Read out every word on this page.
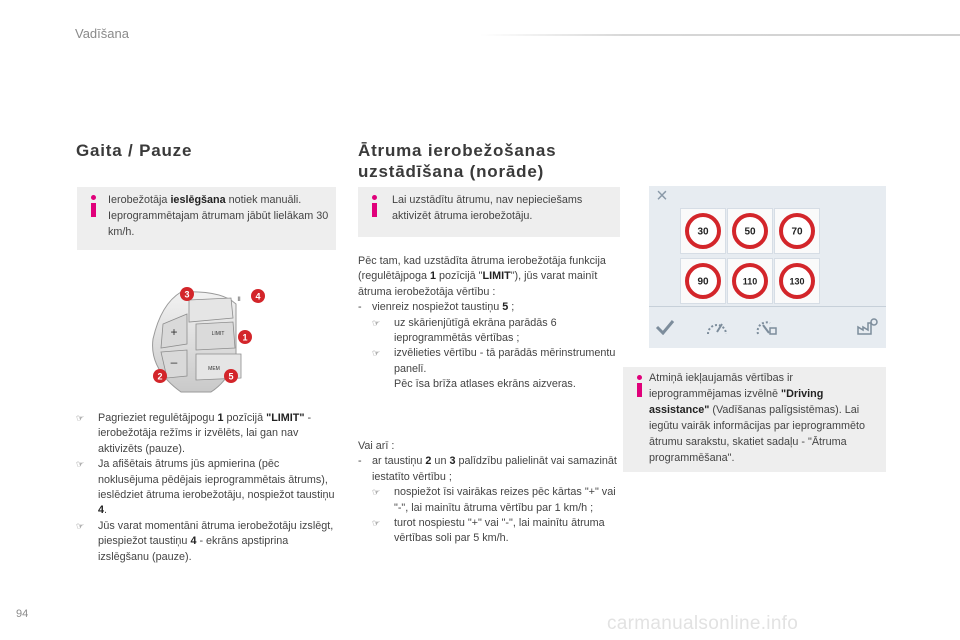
Vadīšana
Gaita / Pauze
Ierobežotāja ieslēgšana notiek manuāli. Ieprogrammētajam ātrumam jābūt lielākam 30 km/h.
+
–
II
LIMIT
MEM
3	4
1
2	5
☞	Pagrieziet regulētājpogu 1 pozīcijā "LIMIT" - ierobežotāja režīms ir izvēlēts, lai gan nav aktivizēts (pauze).
☞	Ja afišētais ātrums jūs apmierina (pēc noklusējuma pēdējais ieprogrammētais ātrums), ieslēdziet ātruma ierobežotāju, nospiežot taustiņu 4.
☞	Jūs varat momentāni ātruma ierobežotāju izslēgt, piespiežot taustiņu 4 - ekrāns apstiprina izslēgšanu (pauze).
Ātruma ierobežošanas
uzstādīšana (norāde)
Lai uzstādītu ātrumu, nav nepieciešams aktivizēt ātruma ierobežotāju.
Pēc tam, kad uzstādīta ātruma ierobežotāja funkcija (regulētājpoga 1 pozīcijā "LIMIT"), jūs varat mainīt ātruma ierobežotāja vērtību :
- vienreiz nospiežot taustiņu 5 ;
☞	uz skārienjūtīgā ekrāna parādās 6 ieprogrammētās vērtības ;
☞	izvēlieties vērtību - tā parādās mērinstrumentu panelī.
Pēc īsa brīža atlases ekrāns aizveras.
Vai arī :
- ar taustiņu 2 un 3 palīdzību palielināt vai samazināt iestatīto vērtību ;
☞	nospiežot īsi vairākas reizes pēc kārtas "+" vai "-", lai mainītu ātruma vērtību par 1 km/h ;
☞	turot nospiestu "+" vai "-", lai mainītu ātruma vērtības soli par 5 km/h.
×
30	50	70
90	110	130
Atmiņā iekļaujamās vērtības ir ieprogrammējamas izvēlnē "Driving assistance" (Vadīšanas palīgsistēmas). Lai iegūtu vairāk informācijas par ieprogrammēto ātrumu sarakstu, skatiet sadaļu - "Ātruma programmēšana".
94	carmanualsonline.info
